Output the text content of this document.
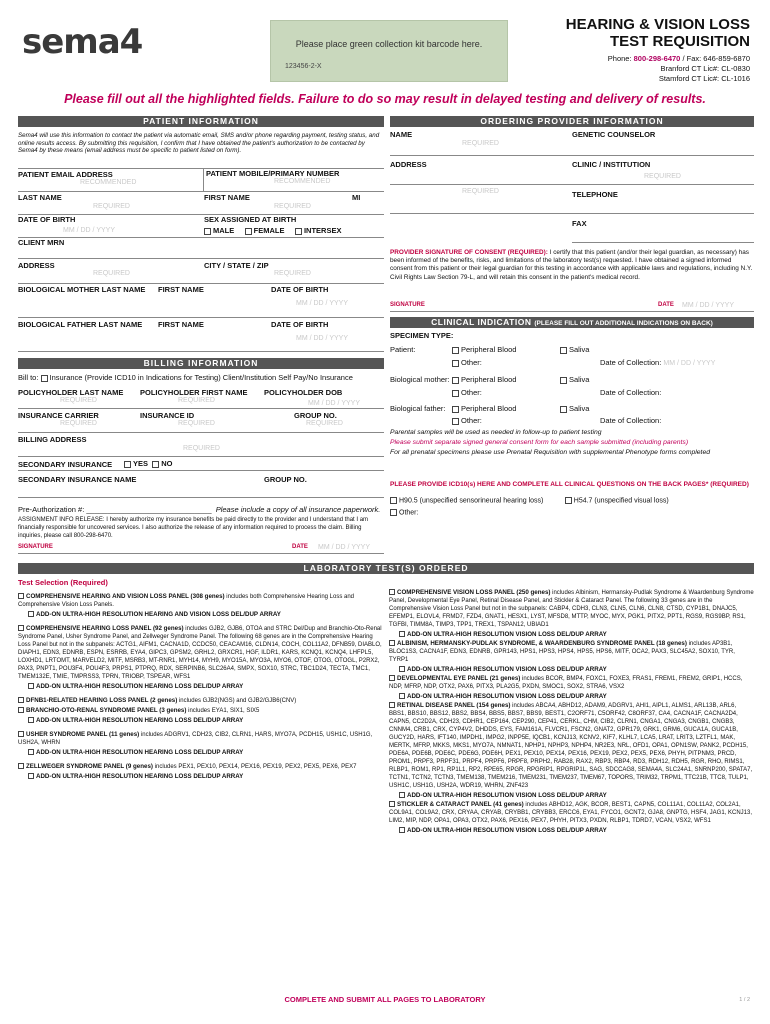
sema4	Please place green collection kit barcode here.
123456-2-X
HEARING & VISION LOSS
TEST REQUISITION
Phone: 800-298-6470 / Fax: 646-859-6870
Branford CT Lic#: CL-0830
Stamford CT Lic#: CL-1016
Please fill out all the highlighted fields. Failure to do so may result in delayed testing and delivery of results.
PATIENT INFORMATION
Sema4 will use this information to contact the patient via automatic email, SMS and/or phone regarding payment, testing status, and online results access. By submitting this requisition, I confirm that I have obtained the patient's authorization to be contacted by Sema4 by these means (email address must be specific to patient listed on form).
PATIENT EMAIL ADDRESS
RECOMMENDED
PATIENT MOBILE/PRIMARY NUMBER
RECOMMENDED
LAST NAME
REQUIRED
FIRST NAME
REQUIRED
MI
DATE OF BIRTH
MM / DD / YYYY
SEX ASSIGNED AT BIRTH
MALE	FEMALE	INTERSEX
CLIENT MRN
ADDRESS
REQUIRED
CITY / STATE / ZIP
REQUIRED
BIOLOGICAL MOTHER LAST NAME FIRST NAME	DATE OF BIRTH
MM / DD / YYYY
BIOLOGICAL FATHER LAST NAME FIRST NAME	DATE OF BIRTH
MM / DD / YYYY
BILLING INFORMATION
Bill to: Insurance (Provide ICD10 in Indications for Testing) Client/Institution Self Pay/No Insurance
POLICYHOLDER LAST NAME
REQUIRED
POLICYHOLDER FIRST NAME
REQUIRED
POLICYHOLDER DOB
MM / DD / YYYY
INSURANCE CARRIER
REQUIRED
INSURANCE ID
REQUIRED
GROUP NO.
REQUIRED
BILLING ADDRESS
REQUIRED
SECONDARY INSURANCE	YES NO
SECONDARY INSURANCE NAME	GROUP NO.
Pre-Authorization #: ______________________________ Please include a copy of all insurance paperwork.
ASSIGNMENT INFO RELEASE: I hereby authorize my insurance benefits be paid directly to the provider and I understand that I am financially responsible for uncovered services. I also authorize the release of any information required to process the claim. Billing inquiries, please call 800-298-6470.
SIGNATURE	DATE MM / DD / YYYY
ORDERING PROVIDER INFORMATION
NAME
REQUIRED
GENETIC COUNSELOR
ADDRESS	CLINIC / INSTITUTION
REQUIRED
REQUIRED	TELEPHONE
FAX
PROVIDER SIGNATURE OF CONSENT (REQUIRED): I certify that this patient (and/or their legal guardian, as necessary) has been informed of the benefits, risks, and limitations of the laboratory test(s) requested. I have obtained a signed informed consent from this patient or their legal guardian for this testing in accordance with applicable laws and regulations, including N.Y. Civil Rights Law Section 79-L, and will retain this consent in the patient's medical record.
SIGNATURE	DATE MM / DD / YYYY
CLINICAL INDICATION (PLEASE FILL OUT ADDITIONAL INDICATIONS ON BACK)
SPECIMEN TYPE:
Patient:	Peripheral Blood	Saliva
Other:	Date of Collection: MM / DD / YYYY
Biological mother:	Peripheral Blood	Saliva
Other:	Date of Collection:
Biological father:	Peripheral Blood	Saliva
Other:	Date of Collection:
Parental samples will be used as needed in follow-up to patient testing
Please submit separate signed general consent form for each sample submitted (including parents)
For all prenatal specimens please use Prenatal Requisition with supplemental Phenotype forms completed
PLEASE PROVIDE ICD10(s) HERE AND COMPLETE ALL CLINICAL QUESTIONS ON THE BACK PAGES* (REQUIRED)
H90.5 (unspecified sensorineural hearing loss)	H54.7 (unspecified visual loss)
Other:
LABORATORY TEST(S) ORDERED
Test Selection (Required)
COMPREHENSIVE HEARING AND VISION LOSS PANEL (308 genes) includes both Comprehensive Hearing Loss and Comprehensive Vision Loss Panels.
ADD-ON ULTRA-HIGH RESOLUTION HEARING AND VISION LOSS DEL/DUP ARRAY
COMPREHENSIVE HEARING LOSS PANEL (92 genes) includes GJB2, GJB6, OTOA and STRC Del/Dup and Branchio-Oto-Renal Syndrome Panel, Usher Syndrome Panel, and Zellweger Syndrome Panel. The following 68 genes are in the Comprehensive Hearing Loss Panel but not in the subpanels: ACTG1, AIFM1, CACNA1D, CCDC50, CEACAM16, CLDN14, COCH, COL11A2, DFNB59, DIABLO, DIAPH1, EDN3, EDNRB, ESPN, ESRRB, EYA4, GIPC3, GPSM2, GRHL2, GRXCR1, HGF, ILDR1, KARS, KCNQ1, KCNQ4, LHFPL5, LOXHD1, LRTOMT, MARVELD2, MITF, MSRB3, MT-RNR1, MYH14, MYH9, MYO15A, MYO3A, MYO6, OTOF, OTOG, OTOGL, P2RX2, PAX3, PNPT1, POU3F4, POU4F3, PRPS1, PTPRQ, RDX, SERPINB6, SLC26A4, SMPX, SOX10, STRC, TBC1D24, TECTA, TMC1, TMEM132E, TMIE, TMPRSS3, TPRN, TRIOBP, TSPEAR, WFS1
ADD-ON ULTRA-HIGH RESOLUTION HEARING LOSS DEL/DUP ARRAY
DFNB1-RELATED HEARING LOSS PANEL (2 genes) includes GJB2(NGS) and GJB2/GJB6(CNV)
BRANCHIO-OTO-RENAL SYNDROME PANEL (3 genes) includes EYA1, SIX1, SIX5
ADD-ON ULTRA-HIGH RESOLUTION HEARING LOSS DEL/DUP ARRAY
USHER SYNDROME PANEL (11 genes) includes ADGRV1, CDH23, CIB2, CLRN1, HARS, MYO7A, PCDH15, USH1C, USH1G, USH2A, WHRN
ADD-ON ULTRA-HIGH RESOLUTION HEARING LOSS DEL/DUP ARRAY
ZELLWEGER SYNDROME PANEL (9 genes) includes PEX1, PEX10, PEX14, PEX16, PEX19, PEX2, PEX5, PEX6, PEX7
ADD-ON ULTRA-HIGH RESOLUTION HEARING LOSS DEL/DUP ARRAY
COMPREHENSIVE VISION LOSS PANEL (250 genes) includes Albinism, Hermansky-Pudlak Syndrome & Waardenburg Syndrome Panel, Developmental Eye Panel, Retinal Disease Panel, and Stickler & Cataract Panel. The following 33 genes are in the Comprehensive Vision Loss Panel but not in the subpanels: CABP4, CDH3, CLN3, CLN5, CLN6, CLN8, CTSD, CYP1B1, DNAJC5, EFEMP1, ELOVL4, FRMD7, FZD4, GNAT1, HESX1, LYST, MFSD8, MTTP, MYOC, MYX, PGK1, PITX2, PPT1, RGS9, RGS9BP, RS1, TGFBI, TIMM8A, TIMP3, TPP1, TREX1, TSPAN12, UBIAD1
ADD-ON ULTRA-HIGH RESOLUTION VISION LOSS DEL/DUP ARRAY
ALBINISM, HERMANSKY-PUDLAK SYNDROME, & WAARDENBURG SYNDROME PANEL (18 genes) includes AP3B1, BLOC1S3, CACNA1F, EDN3, EDNRB, GPR143, HPS1, HPS3, HPS4, HPS5, HPS6, MITF, OCA2, PAX3, SLC45A2, SOX10, TYR, TYRP1
ADD-ON ULTRA-HIGH RESOLUTION VISION LOSS DEL/DUP ARRAY
DEVELOPMENTAL EYE PANEL (21 genes) includes BCOR, BMP4, FOXC1, FOXE3, FRAS1, FREM1, FREM2, GRIP1, HCCS, NDP, MFRP, NDP, OTX2, PAX6, PITX3, PLA2G5, PXDN, SMOC1, SOX2, STRA6, VSX2
ADD-ON ULTRA-HIGH RESOLUTION VISION LOSS DEL/DUP ARRAY
RETINAL DISEASE PANEL (154 genes) includes ABCA4, ABHD12, ADAM9, ADGRV1, AHI1, AIPL1, ALMS1, ARL13B, ARL6, BBS1, BBS10, BBS12, BBS2, BBS4, BBS5, BBS7, BBS9, BEST1, C2ORF71, C5ORF42, C8ORF37, CA4, CACNA1F, CACNA2D4, CAPN5, CC2D2A, CDH23, CDHR1, CEP164, CEP290, CEP41, CERKL, CHM, CIB2, CLRN1, CNGA1, CNGA3, CNGB1, CNGB3, CNNM4, CRB1, CRX, CYP4V2, DHDDS, EYS, FAM161A, FLVCR1, FSCN2, GNAT2, GPR179, GRK1, GRM6, GUCA1A, GUCA1B, GUCY2D, HARS, IFT140, IMPDH1, IMPG2, INPP5E, IQCB1, KCNJ13, KCNV2, KIF7, KLHL7, LCA5, LRAT, LRIT3, LZTFL1, MAK, MERTK, MFRP, MKKS, MKS1, MYO7A, NMNAT1, NPHP1, NPHP3, NPHP4, NR2E3, NRL, OFD1, OPA1, OPN1SW, PANK2, PCDH15, PDE6A, PDE6B, PDE6C, PDE6G, PDE6H, PEX1, PEX10, PEX14, PEX16, PEX19, PEX2, PEX5, PEX6, PHYH, PITPNM3, PRCD, PROM1, PRPF3, PRPF31, PRPF4, PRPF6, PRPF8, PRPH2, RAB28, RAX2, RBP3, RBP4, RD3, RDH12, RDH5, RGR, RHO, RIMS1, RLBP1, ROM1, RP1, RP1L1, RP2, RPE65, RPGR, RPGRIP1, RPGRIP1L, SAG, SDCCAG8, SEMA4A, SLC24A1, SNRNP200, SPATA7, TCTN1, TCTN2, TCTN3, TMEM138, TMEM216, TMEM231, TMEM237, TMEM67, TOPORS, TRIM32, TRPM1, TTC21B, TTC8, TULP1, USH1C, USH1G, USH2A, WDR19, WHRN, ZNF423
ADD-ON ULTRA-HIGH RESOLUTION VISION LOSS DEL/DUP ARRAY
STICKLER & CATARACT PANEL (41 genes) includes ABHD12, AGK, BCOR, BEST1, CAPN5, COL11A1, COL11A2, COL2A1, COL9A1, COL9A2, CRX, CRYAA, CRYAB, CRYBB1, CRYBB3, ERCC6, EYA1, FYCO1, GCNT2, GJA8, GNPTG, HSF4, JAG1, KCNJ13, LIM2, MIP, NDP, OPA1, OPA3, OTX2, PAX6, PEX16, PEX7, PHYH, PITX3, PXDN, RLBP1, TDRD7, VCAN, VSX2, WFS1
ADD-ON ULTRA-HIGH RESOLUTION VISION LOSS DEL/DUP ARRAY
COMPLETE AND SUBMIT ALL PAGES TO LABORATORY	1 / 2
